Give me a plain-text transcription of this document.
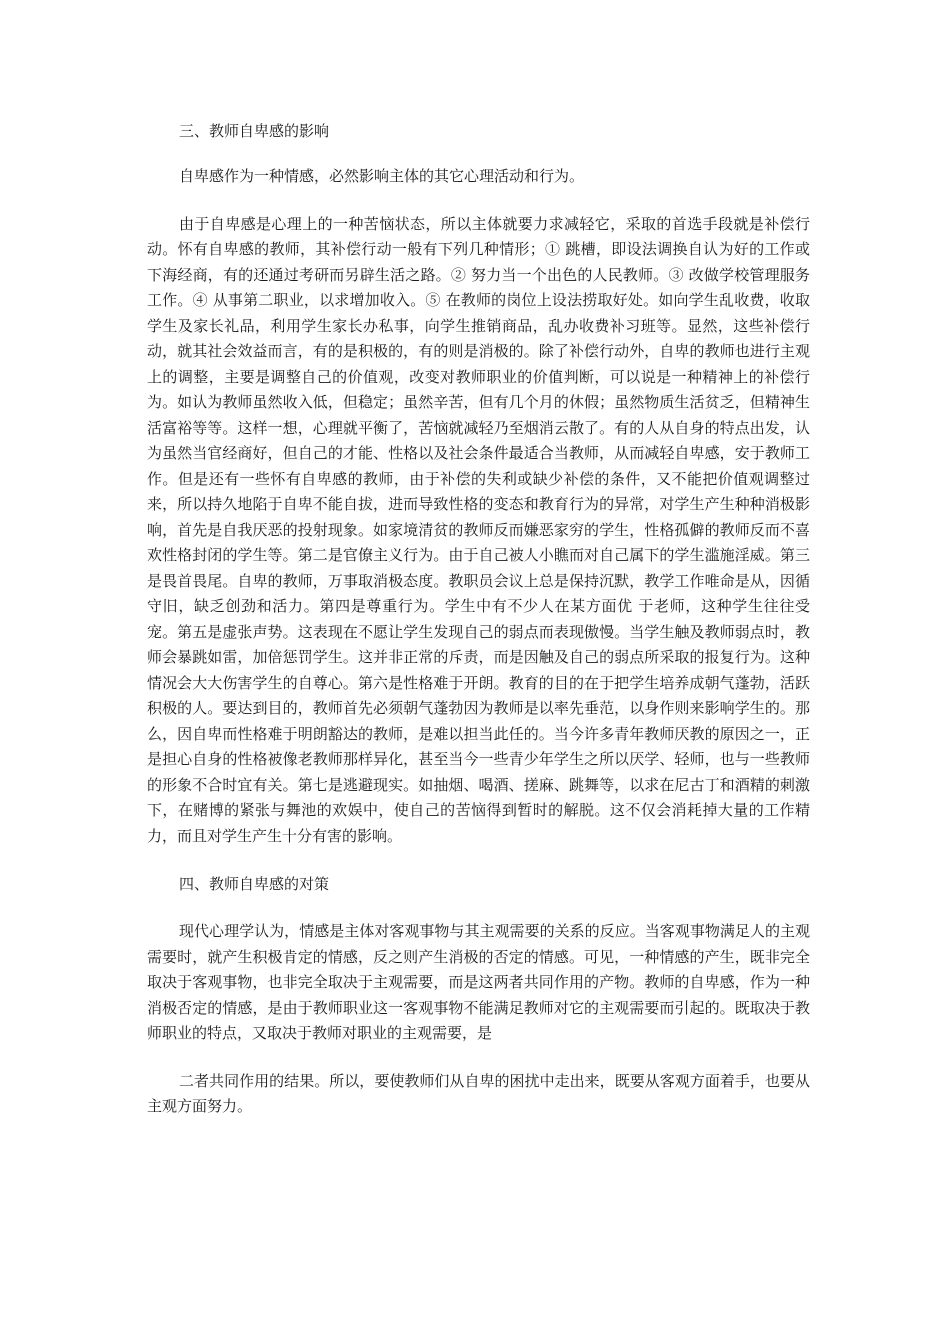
三、教师自卑感的影响

自卑感作为一种情感，必然影响主体的其它心理活动和行为。

由于自卑感是心理上的一种苦恼状态，所以主体就要力求减轻它，采取的首选手段就是补偿行动。怀有自卑感的教师，其补偿行动一般有下列几种情形；① 跳槽，即设法调换自认为好的工作或下海经商，有的还通过考研而另辟生活之路。② 努力当一个出色的人民教师。③ 改做学校管理服务工作。④ 从事第二职业，以求增加收入。⑤ 在教师的岗位上设法捞取好处。如向学生乱收费，收取学生及家长礼品，利用学生家长办私事，向学生推销商品，乱办收费补习班等。显然，这些补偿行动，就其社会效益而言，有的是积极的，有的则是消极的。除了补偿行动外，自卑的教师也进行主观上的调整，主要是调整自己的价值观，改变对教师职业的价值判断，可以说是一种精神上的补偿行为。如认为教师虽然收入低，但稳定；虽然辛苦，但有几个月的休假；虽然物质生活贫乏，但精神生活富裕等等。这样一想，心理就平衡了，苦恼就减轻乃至烟消云散了。有的人从自身的特点出发，认为虽然当官经商好，但自己的才能、性格以及社会条件最适合当教师，从而减轻自卑感，安于教师工作。但是还有一些怀有自卑感的教师，由于补偿的失利或缺少补偿的条件，又不能把价值观调整过来，所以持久地陷于自卑不能自拔，进而导致性格的变态和教育行为的异常，对学生产生种种消极影响，首先是自我厌恶的投射现象。如家境清贫的教师反而嫌恶家穷的学生，性格孤僻的教师反而不喜欢性格封闭的学生等。第二是官僚主义行为。由于自己被人小瞧而对自己属下的学生滥施淫威。第三是畏首畏尾。自卑的教师，万事取消极态度。教职员会议上总是保持沉默，教学工作唯命是从，因循守旧，缺乏创劲和活力。第四是尊重行为。学生中有不少人在某方面优 于老师，这种学生往往受宠。第五是虚张声势。这表现在不愿让学生发现自己的弱点而表现傲慢。当学生触及教师弱点时，教师会暴跳如雷，加倍惩罚学生。这并非正常的斥责，而是因触及自己的弱点所采取的报复行为。这种情况会大大伤害学生的自尊心。第六是性格难于开朗。教育的目的在于把学生培养成朝气蓬勃，活跃积极的人。要达到目的，教师首先必须朝气蓬勃因为教师是以率先垂范，以身作则来影响学生的。那么，因自卑而性格难于明朗豁达的教师，是难以担当此任的。当今许多青年教师厌教的原因之一，正是担心自身的性格被像老教师那样异化，甚至当今一些青少年学生之所以厌学、轻师，也与一些教师的形象不合时宜有关。第七是逃避现实。如抽烟、喝酒、搓麻、跳舞等，以求在尼古丁和酒精的刺激下，在赌博的紧张与舞池的欢娱中，使自己的苦恼得到暂时的解脱。这不仅会消耗掉大量的工作精力，而且对学生产生十分有害的影响。

四、教师自卑感的对策

现代心理学认为，情感是主体对客观事物与其主观需要的关系的反应。当客观事物满足人的主观需要时，就产生积极肯定的情感，反之则产生消极的否定的情感。可见，一种情感的产生，既非完全取决于客观事物，也非完全取决于主观需要，而是这两者共同作用的产物。教师的自卑感，作为一种消极否定的情感，是由于教师职业这一客观事物不能满足教师对它的主观需要而引起的。既取决于教师职业的特点，又取决于教师对职业的主观需要，是

二者共同作用的结果。所以，要使教师们从自卑的困扰中走出来，既要从客观方面着手，也要从主观方面努力。
